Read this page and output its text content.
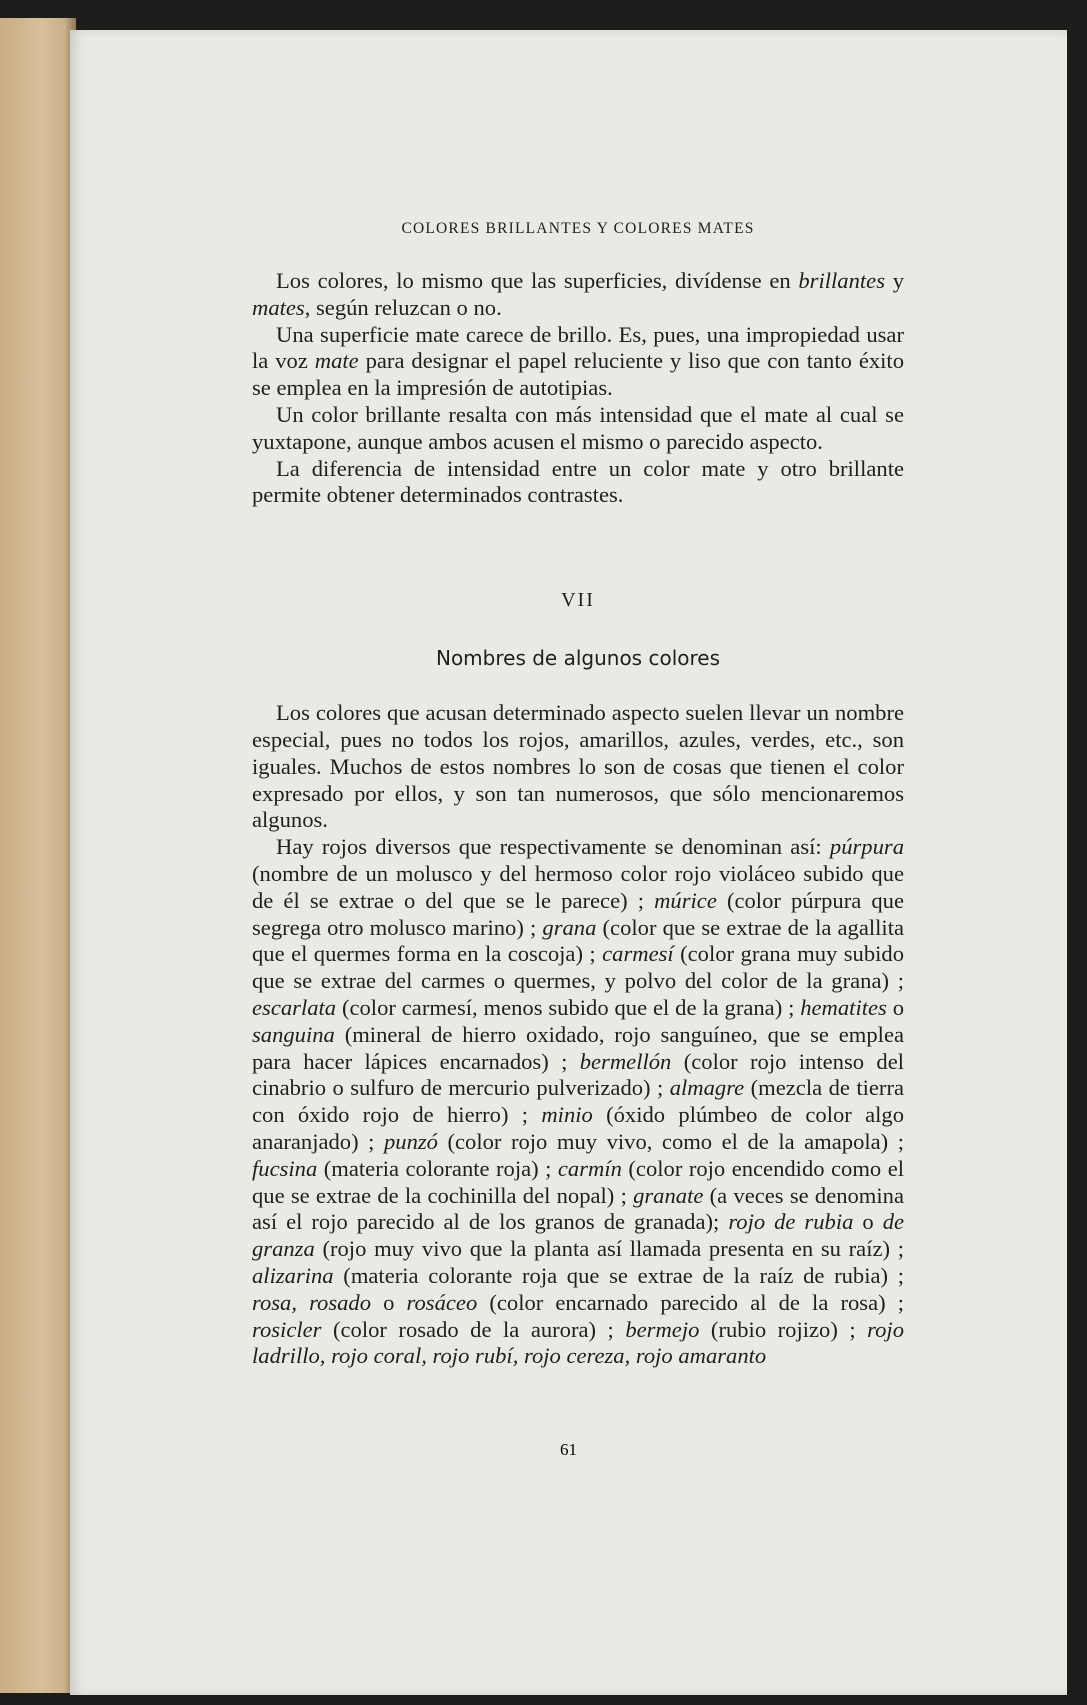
COLORES BRILLANTES Y COLORES MATES

Los colores, lo mismo que las superficies, divídense en brillantes y mates, según reluzcan o no.

Una superficie mate carece de brillo. Es, pues, una impropiedad usar la voz mate para designar el papel reluciente y liso que con tanto éxito se emplea en la impresión de autotipias.

Un color brillante resalta con más intensidad que el mate al cual se yuxtapone, aunque ambos acusen el mismo o parecido aspecto.

La diferencia de intensidad entre un color mate y otro brillante permite obtener determinados contrastes.

VII
Nombres de algunos colores

Los colores que acusan determinado aspecto suelen llevar un nombre especial, pues no todos los rojos, amarillos, azules, verdes, etc., son iguales. Muchos de estos nombres lo son de cosas que tienen el color expresado por ellos, y son tan numerosos, que sólo mencionaremos algunos.

Hay rojos diversos que respectivamente se denominan así: púrpura (nombre de un molusco y del hermoso color rojo violáceo subido que de él se extrae o del que se le parece) ; múrice (color púrpura que segrega otro molusco marino) ; grana (color que se extrae de la agallita que el quermes forma en la coscoja) ; carmesí (color grana muy subido que se extrae del carmes o quermes, y polvo del color de la grana) ; escarlata (color carmesí, menos subido que el de la grana) ; hematites o sanguina (mineral de hierro oxidado, rojo sanguíneo, que se emplea para hacer lápices encarnados) ; bermellón (color rojo intenso del cinabrio o sulfuro de mercurio pulverizado) ; almagre (mezcla de tierra con óxido rojo de hierro) ; minio (óxido plúmbeo de color algo anaranjado) ; punzó (color rojo muy vivo, como el de la amapola) ; fucsina (materia colorante roja) ; carmín (color rojo encendido como el que se extrae de la cochinilla del nopal) ; granate (a veces se denomina así el rojo parecido al de los granos de granada); rojo de rubia o de granza (rojo muy vivo que la planta así llamada presenta en su raíz) ; alizarina (materia colorante roja que se extrae de la raíz de rubia) ; rosa, rosado o rosáceo (color encarnado parecido al de la rosa) ; rosicler (color rosado de la aurora) ; bermejo (rubio rojizo) ; rojo ladrillo, rojo coral, rojo rubí, rojo cereza, rojo amaranto

61
